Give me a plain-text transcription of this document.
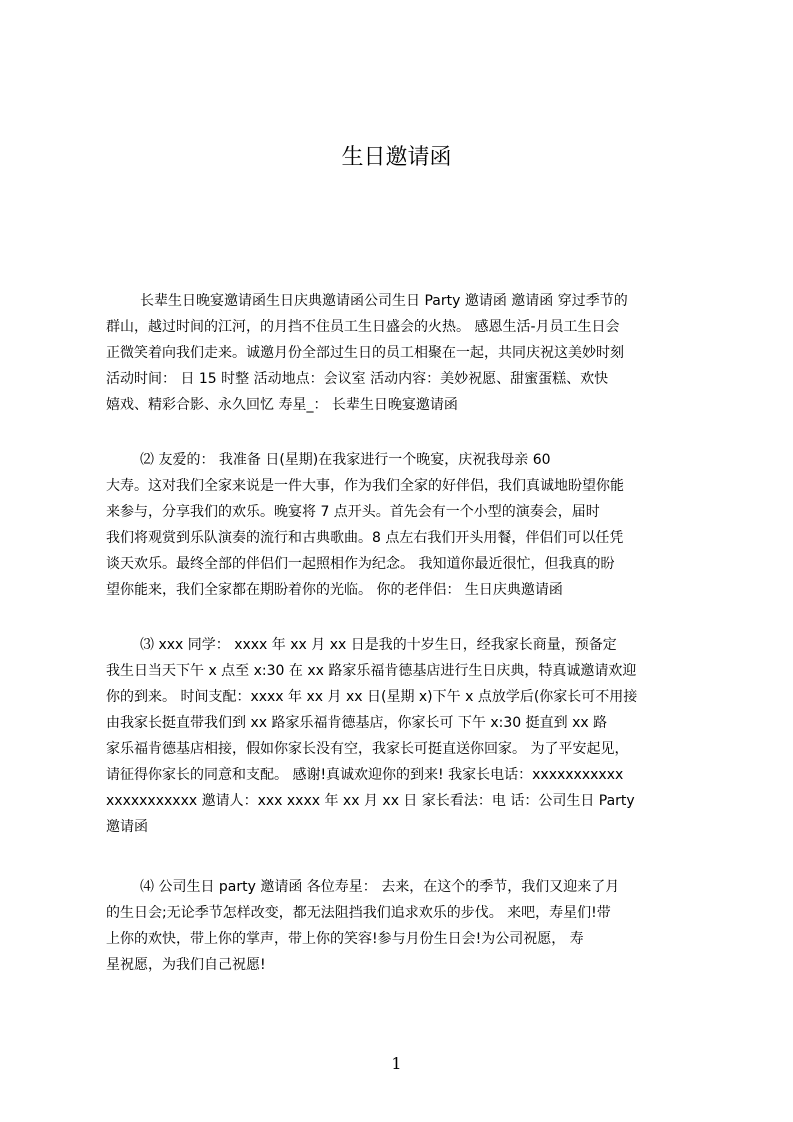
生日邀请函
长辈生日晚宴邀请函生日庆典邀请函公司生日 Party 邀请函 邀请函 穿过季节的
群山，越过时间的江河，的月挡不住员工生日盛会的火热。 感恩生活-月员工生日会
正微笑着向我们走来。诚邀月份全部过生日的员工相聚在一起，共同庆祝这美妙时刻
活动时间： 日 15 时整 活动地点：会议室 活动内容：美妙祝愿、甜蜜蛋糕、欢快
嬉戏、精彩合影、永久回忆 寿星_： 长辈生日晚宴邀请函
⑵ 友爱的： 我准备 日(星期)在我家进行一个晚宴，庆祝我母亲 60
大寿。这对我们全家来说是一件大事，作为我们全家的好伴侣，我们真诚地盼望你能
来参与，分享我们的欢乐。晚宴将 7 点开头。首先会有一个小型的演奏会，届时
我们将观赏到乐队演奏的流行和古典歌曲。8 点左右我们开头用餐，伴侣们可以任凭
谈天欢乐。最终全部的伴侣们一起照相作为纪念。 我知道你最近很忙，但我真的盼
望你能来，我们全家都在期盼着你的光临。 你的老伴侣： 生日庆典邀请函
⑶ xxx 同学： xxxx 年 xx 月 xx 日是我的十岁生日，经我家长商量，预备定
我生日当天下午 x 点至 x:30 在 xx 路家乐福肯德基店进行生日庆典，特真诚邀请欢迎
你的到来。 时间支配：xxxx 年 xx 月 xx 日(星期 x)下午 x 点放学后(你家长可不用接
由我家长挺直带我们到 xx 路家乐福肯德基店，你家长可 下午 x:30 挺直到 xx 路
家乐福肯德基店相接，假如你家长没有空，我家长可挺直送你回家。 为了平安起见，
请征得你家长的同意和支配。 感谢!真诚欢迎你的到来! 我家长电话：xxxxxxxxxxx
xxxxxxxxxxx 邀请人：xxx xxxx 年 xx 月 xx 日 家长看法：电 话：公司生日 Party
邀请函
⑷ 公司生日 party 邀请函 各位寿星： 去来，在这个的季节，我们又迎来了月
的生日会;无论季节怎样改变，都无法阻挡我们追求欢乐的步伐。 来吧，寿星们!带
上你的欢快，带上你的掌声，带上你的笑容!参与月份生日会!为公司祝愿， 寿
星祝愿，为我们自己祝愿!
1
